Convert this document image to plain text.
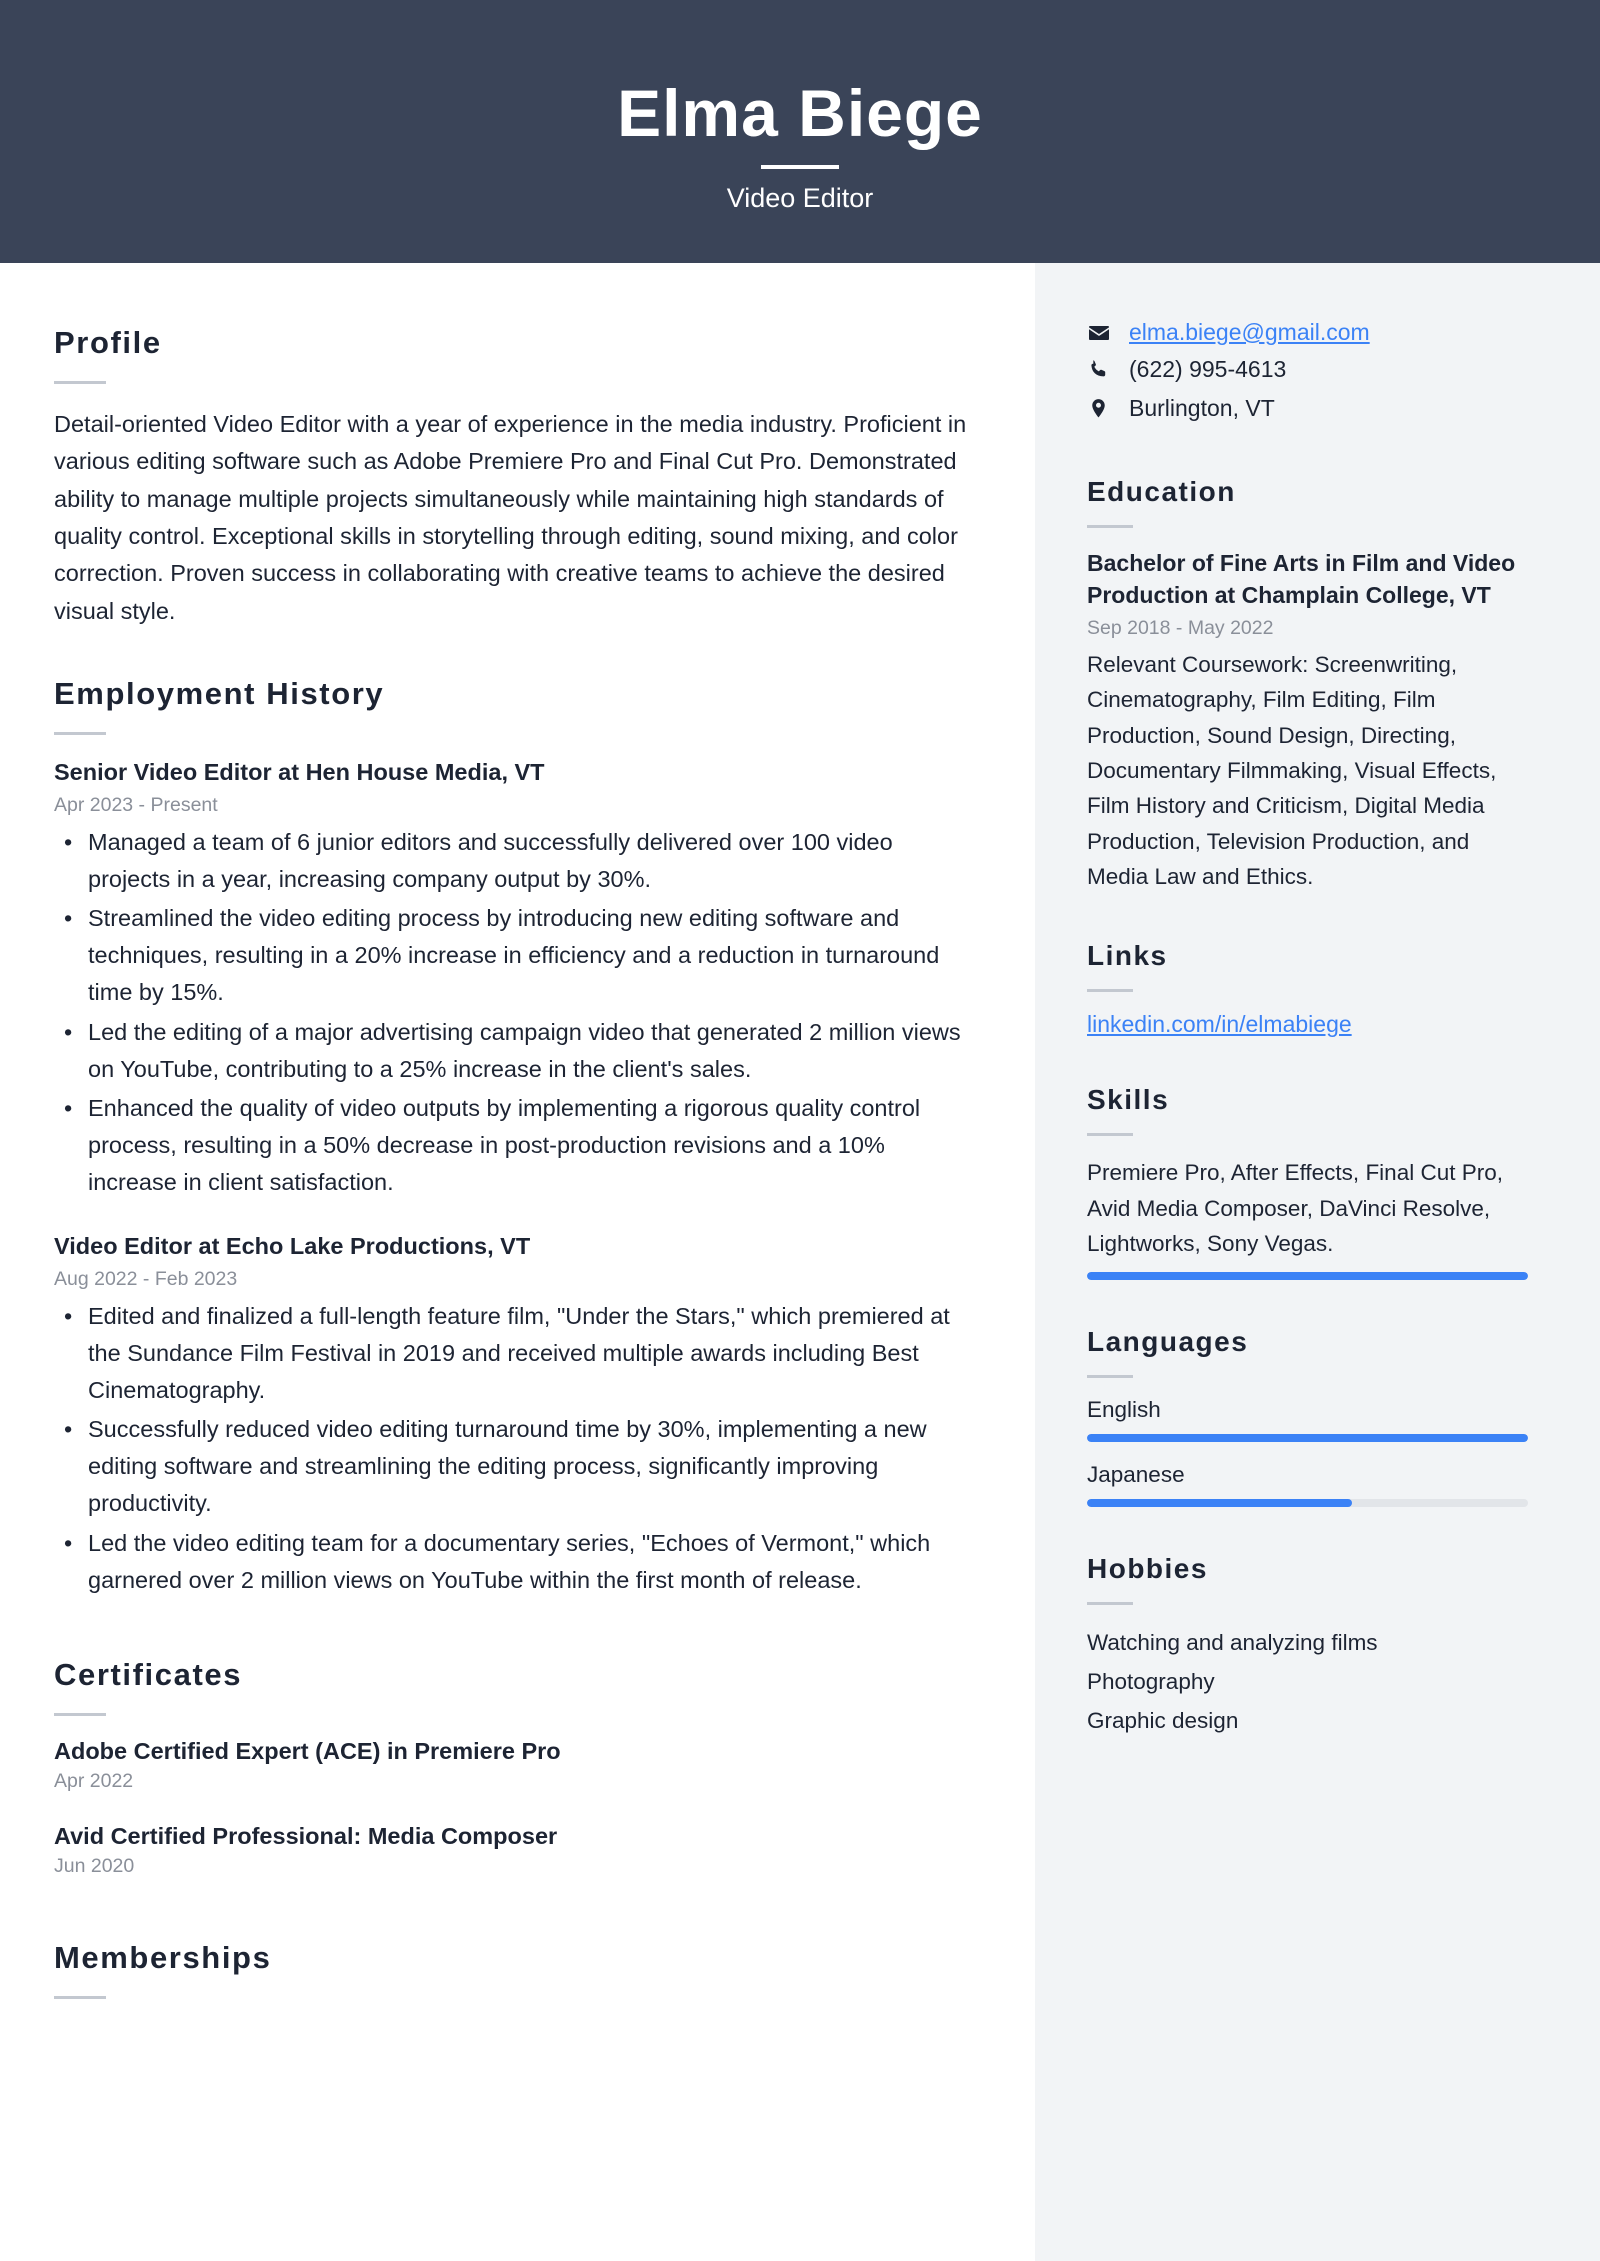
Elma Biege
Video Editor
Profile
Detail-oriented Video Editor with a year of experience in the media industry. Proficient in various editing software such as Adobe Premiere Pro and Final Cut Pro. Demonstrated ability to manage multiple projects simultaneously while maintaining high standards of quality control. Exceptional skills in storytelling through editing, sound mixing, and color correction. Proven success in collaborating with creative teams to achieve the desired visual style.
Employment History
Senior Video Editor at Hen House Media, VT
Apr 2023 - Present
• Managed a team of 6 junior editors and successfully delivered over 100 video projects in a year, increasing company output by 30%.
• Streamlined the video editing process by introducing new editing software and techniques, resulting in a 20% increase in efficiency and a reduction in turnaround time by 15%.
• Led the editing of a major advertising campaign video that generated 2 million views on YouTube, contributing to a 25% increase in the client's sales.
• Enhanced the quality of video outputs by implementing a rigorous quality control process, resulting in a 50% decrease in post-production revisions and a 10% increase in client satisfaction.
Video Editor at Echo Lake Productions, VT
Aug 2022 - Feb 2023
• Edited and finalized a full-length feature film, "Under the Stars," which premiered at the Sundance Film Festival in 2019 and received multiple awards including Best Cinematography.
• Successfully reduced video editing turnaround time by 30%, implementing a new editing software and streamlining the editing process, significantly improving productivity.
• Led the video editing team for a documentary series, "Echoes of Vermont," which garnered over 2 million views on YouTube within the first month of release.
Certificates
Adobe Certified Expert (ACE) in Premiere Pro
Apr 2022
Avid Certified Professional: Media Composer
Jun 2020
Memberships
elma.biege@gmail.com
(622) 995-4613
Burlington, VT
Education
Bachelor of Fine Arts in Film and Video Production at Champlain College, VT
Sep 2018 - May 2022
Relevant Coursework: Screenwriting, Cinematography, Film Editing, Film Production, Sound Design, Directing, Documentary Filmmaking, Visual Effects, Film History and Criticism, Digital Media Production, Television Production, and Media Law and Ethics.
Links
linkedin.com/in/elmabiege
Skills
Premiere Pro, After Effects, Final Cut Pro, Avid Media Composer, DaVinci Resolve, Lightworks, Sony Vegas.
Languages
English
Japanese
Hobbies
Watching and analyzing films
Photography
Graphic design
